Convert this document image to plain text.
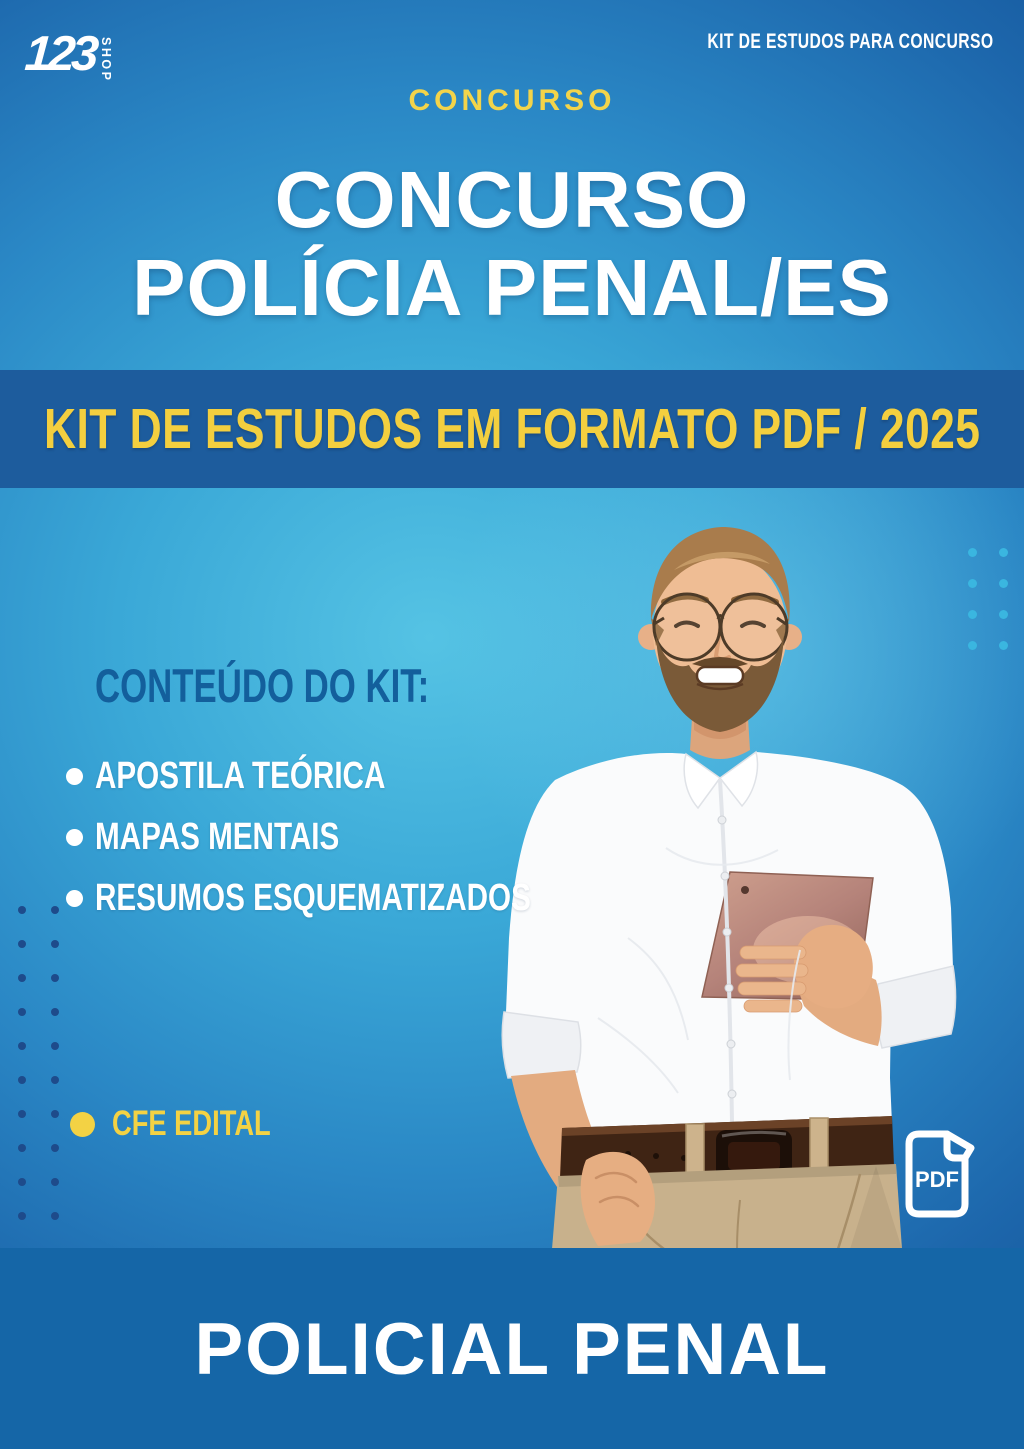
123 SHOP	KIT DE ESTUDOS PARA CONCURSO
CONCURSO
CONCURSO
POLÍCIA PENAL/ES
KIT DE ESTUDOS EM FORMATO PDF / 2025
CONTEÚDO DO KIT:
APOSTILA TEÓRICA
MAPAS MENTAIS
RESUMOS ESQUEMATIZADOS
CFE EDITAL
PDF
POLICIAL PENAL
